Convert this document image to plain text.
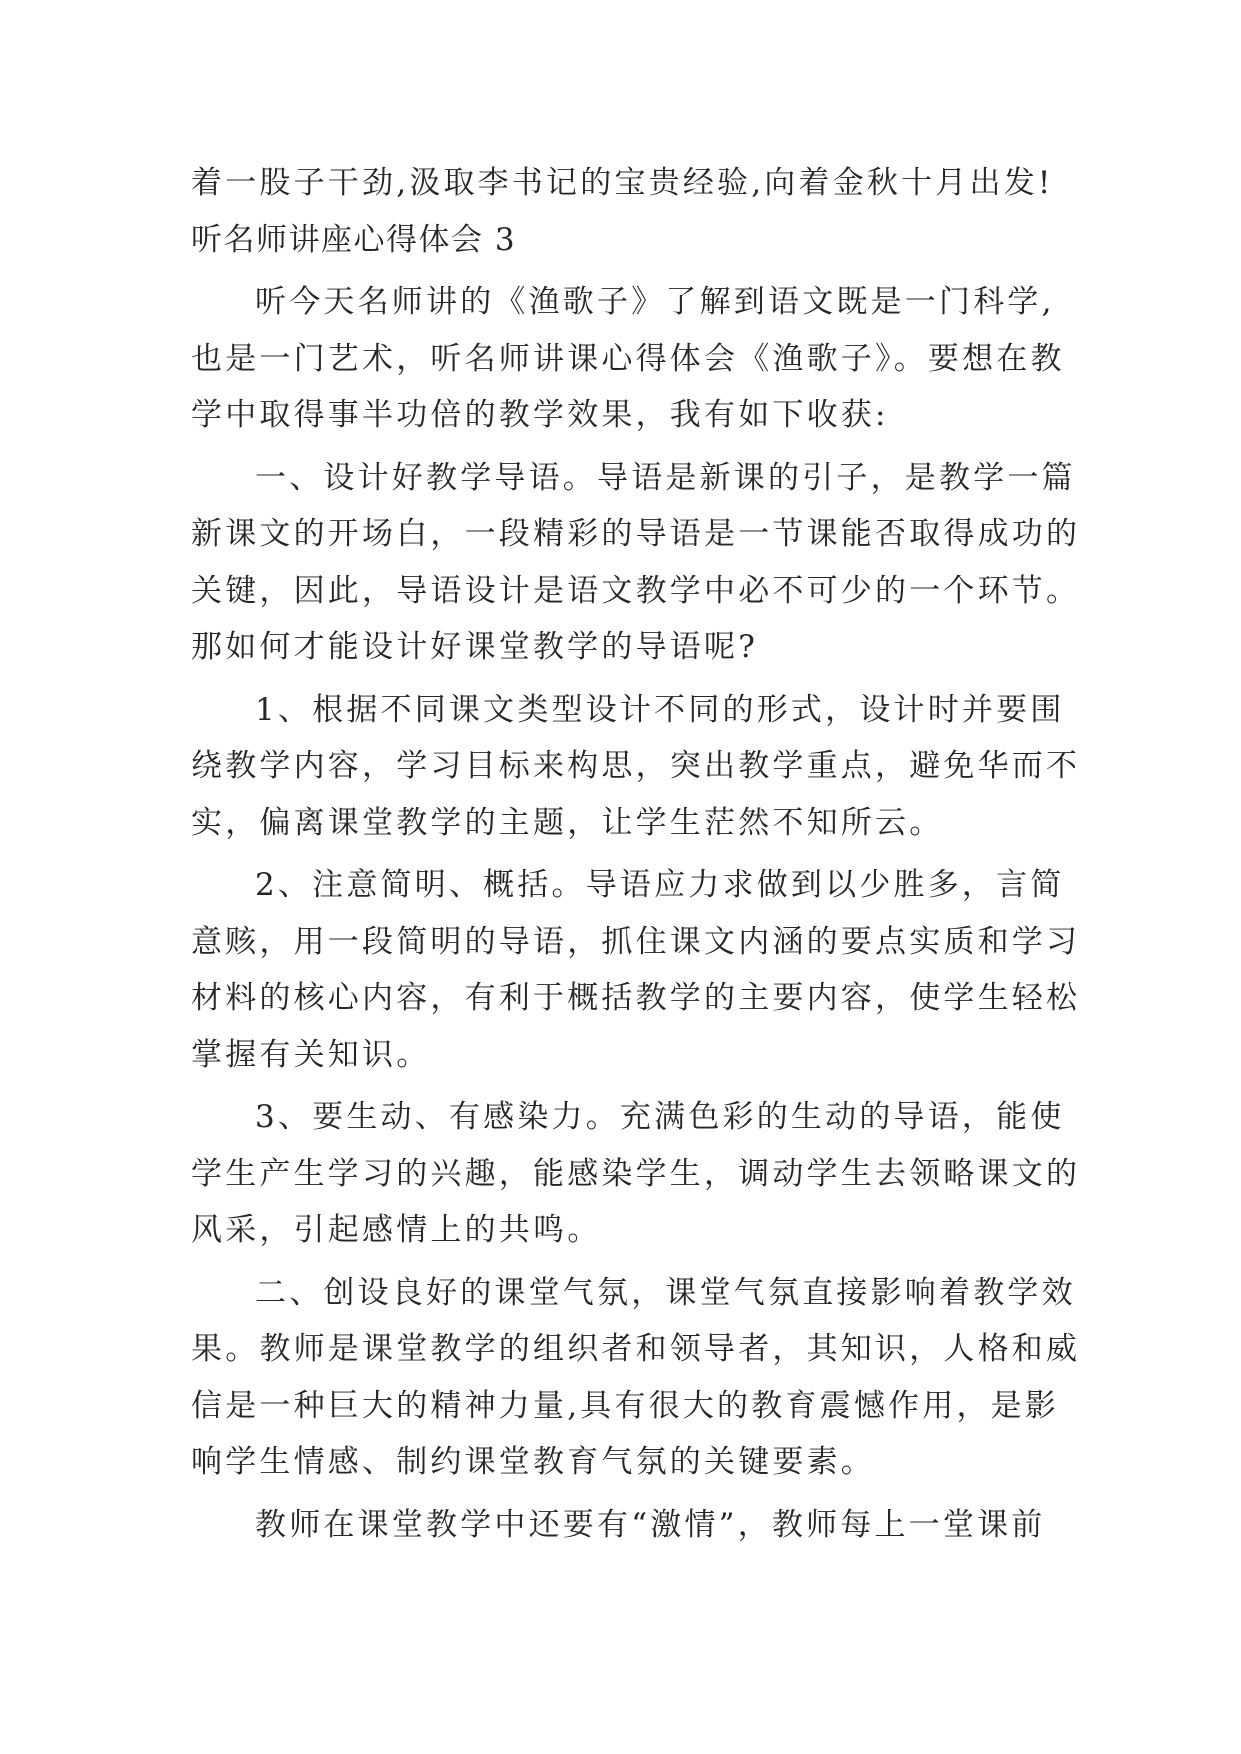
着一股子干劲,汲取李书记的宝贵经验,向着金秋十月出发!
听名师讲座心得体会 3
听今天名师讲的《渔歌子》了解到语文既是一门科学,
也是一门艺术，听名师讲课心得体会《渔歌子》。要想在教
学中取得事半功倍的教学效果，我有如下收获:
一、设计好教学导语。导语是新课的引子，是教学一篇
新课文的开场白，一段精彩的导语是一节课能否取得成功的
关键，因此，导语设计是语文教学中必不可少的一个环节。
那如何才能设计好课堂教学的导语呢?
1、根据不同课文类型设计不同的形式，设计时并要围
绕教学内容，学习目标来构思，突出教学重点，避免华而不
实，偏离课堂教学的主题，让学生茫然不知所云。
2、注意简明、概括。导语应力求做到以少胜多，言简
意赅，用一段简明的导语，抓住课文内涵的要点实质和学习
材料的核心内容，有利于概括教学的主要内容，使学生轻松
掌握有关知识。
3、要生动、有感染力。充满色彩的生动的导语，能使
学生产生学习的兴趣，能感染学生，调动学生去领略课文的
风采，引起感情上的共鸣。
二、创设良好的课堂气氛，课堂气氛直接影响着教学效
果。教师是课堂教学的组织者和领导者，其知识，人格和威
信是一种巨大的精神力量,具有很大的教育震憾作用，是影
响学生情感、制约课堂教育气氛的关键要素。
教师在课堂教学中还要有“激情”，教师每上一堂课前
